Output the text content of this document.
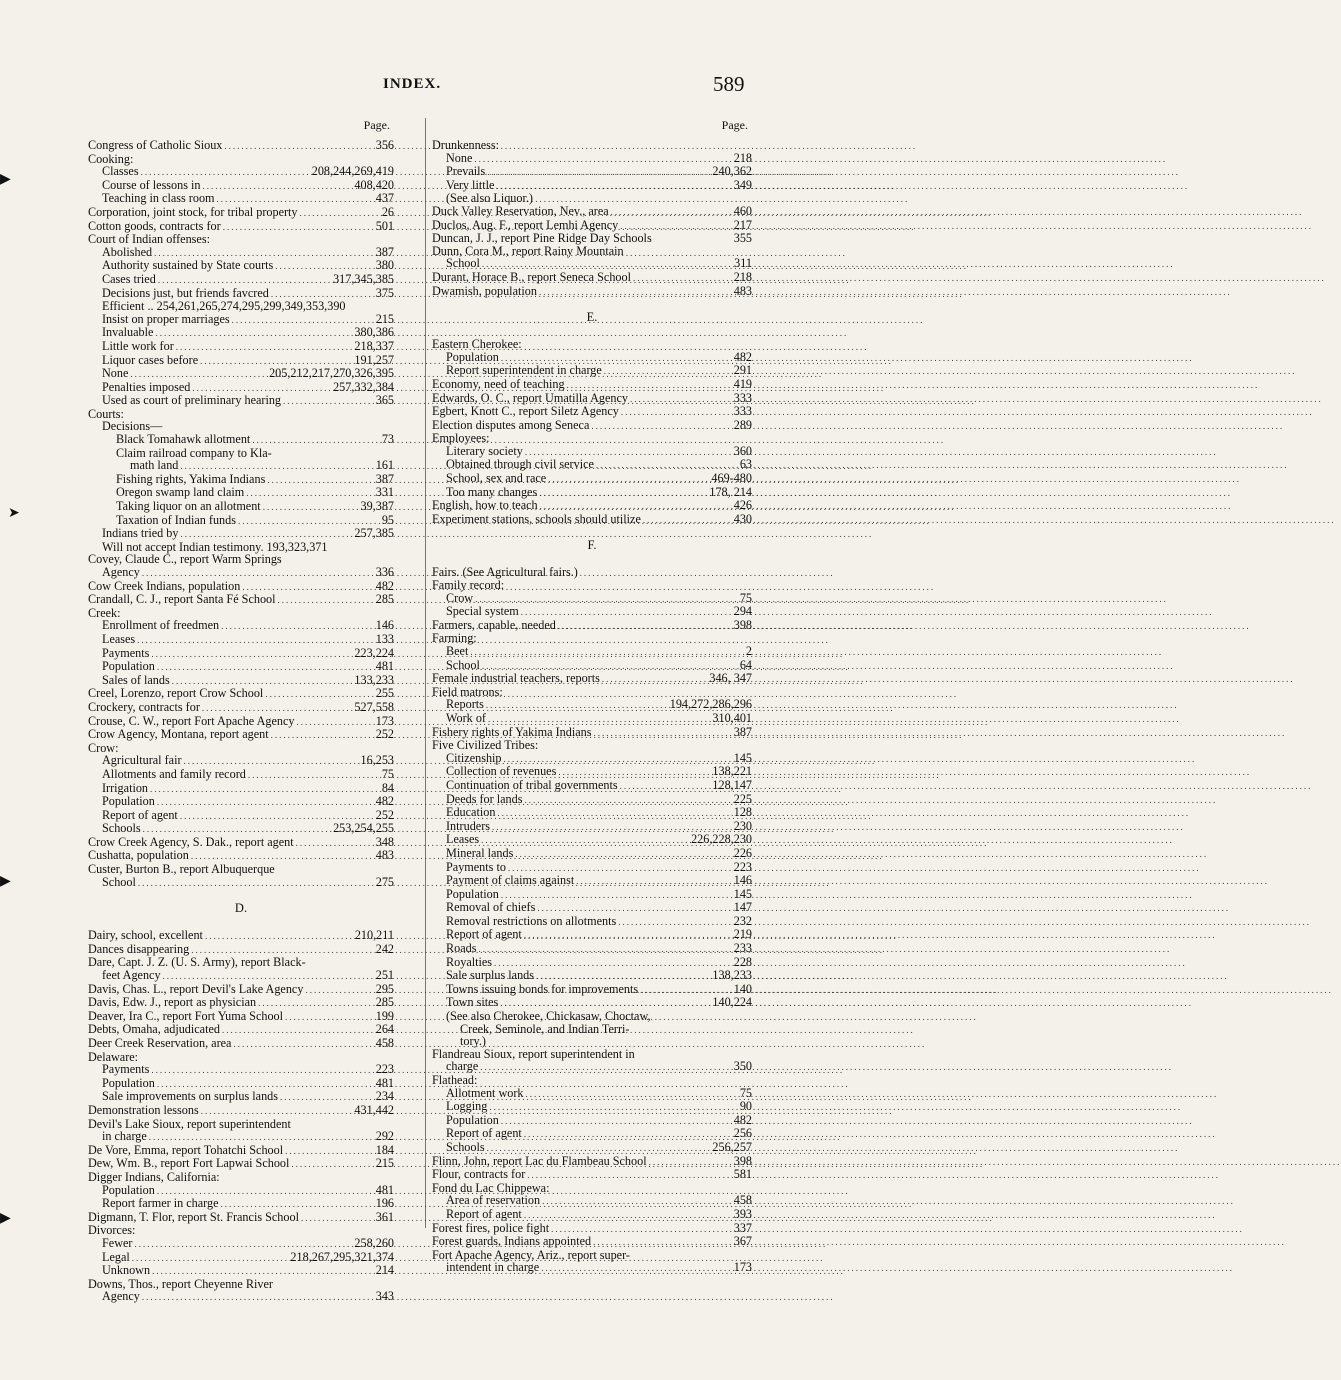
INDEX.	589
▶
➤
▶
▶
Page.
Congress of Catholic Sioux .....	356
Cooking:
Classes .....	208,244,269,419
Course of lessons in .....	408,420
Teaching in class room .....	437
Corporation, joint stock, for tribal property .....	26
Cotton goods, contracts for .....	501
Court of Indian offenses:
Abolished .....	387
Authority sustained by State courts .....	380
Cases tried .....	317,345,385
Decisions just, but friends favcred .....	375
Efficient .. 254,261,265,274,295,299,349,353,390
Insist on proper marriages .....	215
Invaluable .....	380,386
Little work for .....	218,337
Liquor cases before .....	191,257
None .....	205,212,217,270,326,395
Penalties imposed .....	257,332,384
Used as court of preliminary hearing .....	365
Courts:
Decisions—
Black Tomahawk allotment .....	73
Claim railroad company to Kla-
math land .....	161
Fishing rights, Yakima Indians .....	387
Oregon swamp land claim .....	331
Taking liquor on an allotment .....	39,387
Taxation of Indian funds .....	95
Indians tried by .....	257,385
Will not accept Indian testimony. 193,323,371
Covey, Claude C., report Warm Springs
Agency .....	336
Cow Creek Indians, population .....	482
Crandall, C. J., report Santa Fé School .....	285
Creek:
Enrollment of freedmen .....	146
Leases .....	133
Payments .....	223,224
Population .....	481
Sales of lands .....	133,233
Creel, Lorenzo, report Crow School .....	255
Crockery, contracts for .....	527,558
Crouse, C. W., report Fort Apache Agency .....	173
Crow Agency, Montana, report agent .....	252
Crow:
Agricultural fair .....	16,253
Allotments and family record .....	75
Irrigation .....	84
Population .....	482
Report of agent .....	252
Schools .....	253,254,255
Crow Creek Agency, S. Dak., report agent .....	348
Cushatta, population .....	483
Custer, Burton B., report Albuquerque
School .....	275
D.
Dairy, school, excellent .....	210,211
Dances disappearing .....	242
Dare, Capt. J. Z. (U. S. Army), report Black-
feet Agency .....	251
Davis, Chas. L., report Devil's Lake Agency .....	295
Davis, Edw. J., report as physician .....	285
Deaver, Ira C., report Fort Yuma School .....	199
Debts, Omaha, adjudicated .....	264
Deer Creek Reservation, area .....	458
Delaware:
Payments .....	223
Population .....	481
Sale improvements on surplus lands .....	234
Demonstration lessons .....	431,442
Devil's Lake Sioux, report superintendent
in charge .....	292
De Vore, Emma, report Tohatchi School .....	184
Dew, Wm. B., report Fort Lapwai School .....	215
Digger Indians, California:
Population .....	481
Report farmer in charge .....	196
Digmann, T. Flor, report St. Francis School .....	361
Divorces:
Fewer .....	258,260
Legal .....	218,267,295,321,374
Unknown .....	214
Downs, Thos., report Cheyenne River
Agency .....	343
Page.
Drunkenness:
None .....	218
Prevails .....	240,362
Very little .....	349
(See also Liquor.)
Duck Valley Reservation, Nev., area .....	460
Duclos, Aug. F., report Lemhi Agency .....	217
Duncan, J. J., report Pine Ridge Day Schools	355
Dunn, Cora M., report Rainy Mountain
School .....	311
Durant, Horace B., report Seneca School .....	218
Dwamish, population .....	483
E.
Eastern Cherokee:
Population .....	482
Report superintendent in charge .....	291
Economy, need of teaching .....	419
Edwards, O. C., report Umatilla Agency .....	333
Egbert, Knott C., report Siletz Agency .....	333
Election disputes among Seneca .....	289
Employees:
Literary society .....	360
Obtained through civil service .....	63
School, sex and race .....	469-480
Too many changes .....	178, 214
English, how to teach .....	426
Experiment stations, schools should utilize .....	430
F.
Fairs. (See Agricultural fairs.)
Family record:
Crow .....	75
Special system .....	294
Farmers, capable, needed .....	398
Farming:
Beet .....	2
School .....	64
Female industrial teachers, reports .....	346, 347
Field matrons:
Reports .....	194,272,286,296
Work of .....	310,401
Fishery rights of Yakima Indians .....	387
Five Civilized Tribes:
Citizenship .....	145
Collection of revenues .....	138,221
Continuation of tribal governments .....	128,147
Deeds for lands .....	225
Education .....	128
Intruders .....	230
Leases .....	226,228,230
Mineral lands .....	226
Payments to .....	223
Payment of claims against .....	146
Population .....	145
Removal of chiefs .....	147
Removal restrictions on allotments .....	232
Report of agent .....	219
Roads .....	233
Royalties .....	228
Sale surplus lands .....	138,233
Towns issuing bonds for improvements .....	140
Town sites .....	140,224
(See also Cherokee, Chickasaw, Choctaw,
Creek, Seminole, and Indian Terri-
tory.)
Flandreau Sioux, report superintendent in
charge .....	350
Flathead:
Allotment work .....	75
Logging .....	90
Population .....	482
Report of agent .....	256
Schools .....	256,257
Flinn, John, report Lac du Flambeau School .....	398
Flour, contracts for .....	581
Fond du Lac Chippewa:
Area of reservation .....	458
Report of agent .....	393
Forest fires, police fight .....	337
Forest guards, Indians appointed .....	367
Fort Apache Agency, Ariz., report super-
intendent in charge .....	173
